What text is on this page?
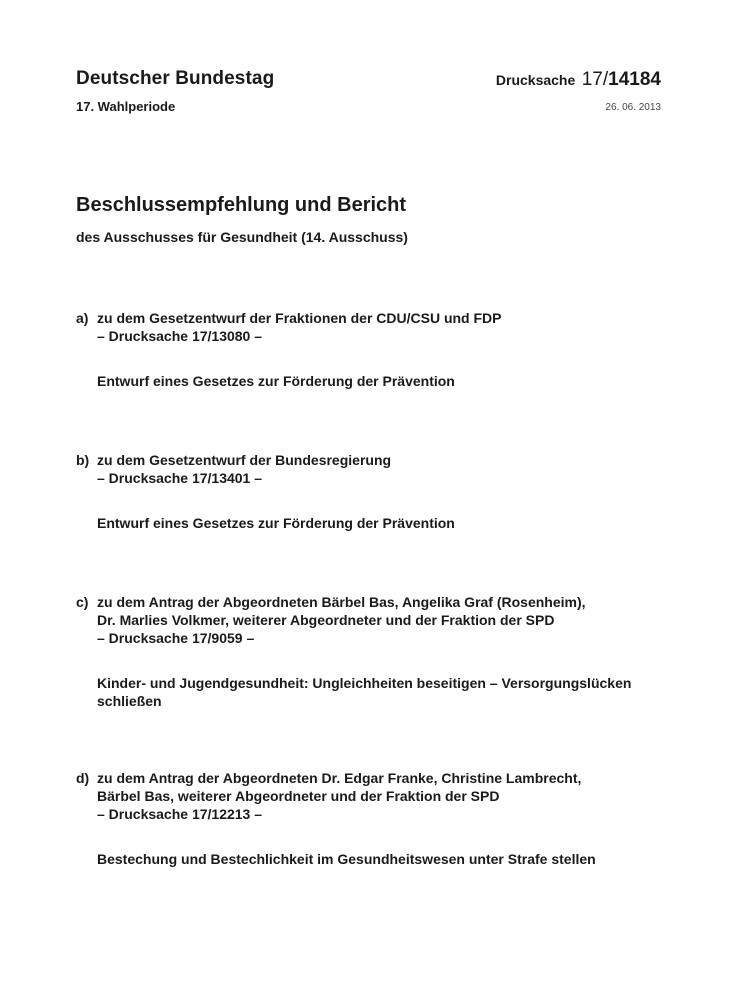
Deutscher Bundestag
17. Wahlperiode
Drucksache 17/14184
26. 06. 2013
Beschlussempfehlung und Bericht
des Ausschusses für Gesundheit (14. Ausschuss)
a) zu dem Gesetzentwurf der Fraktionen der CDU/CSU und FDP
– Drucksache 17/13080 –
Entwurf eines Gesetzes zur Förderung der Prävention
b) zu dem Gesetzentwurf der Bundesregierung
– Drucksache 17/13401 –
Entwurf eines Gesetzes zur Förderung der Prävention
c) zu dem Antrag der Abgeordneten Bärbel Bas, Angelika Graf (Rosenheim),
Dr. Marlies Volkmer, weiterer Abgeordneter und der Fraktion der SPD
– Drucksache 17/9059 –
Kinder- und Jugendgesundheit: Ungleichheiten beseitigen – Versorgungslücken schließen
d) zu dem Antrag der Abgeordneten Dr. Edgar Franke, Christine Lambrecht,
Bärbel Bas, weiterer Abgeordneter und der Fraktion der SPD
– Drucksache 17/12213 –
Bestechung und Bestechlichkeit im Gesundheitswesen unter Strafe stellen
